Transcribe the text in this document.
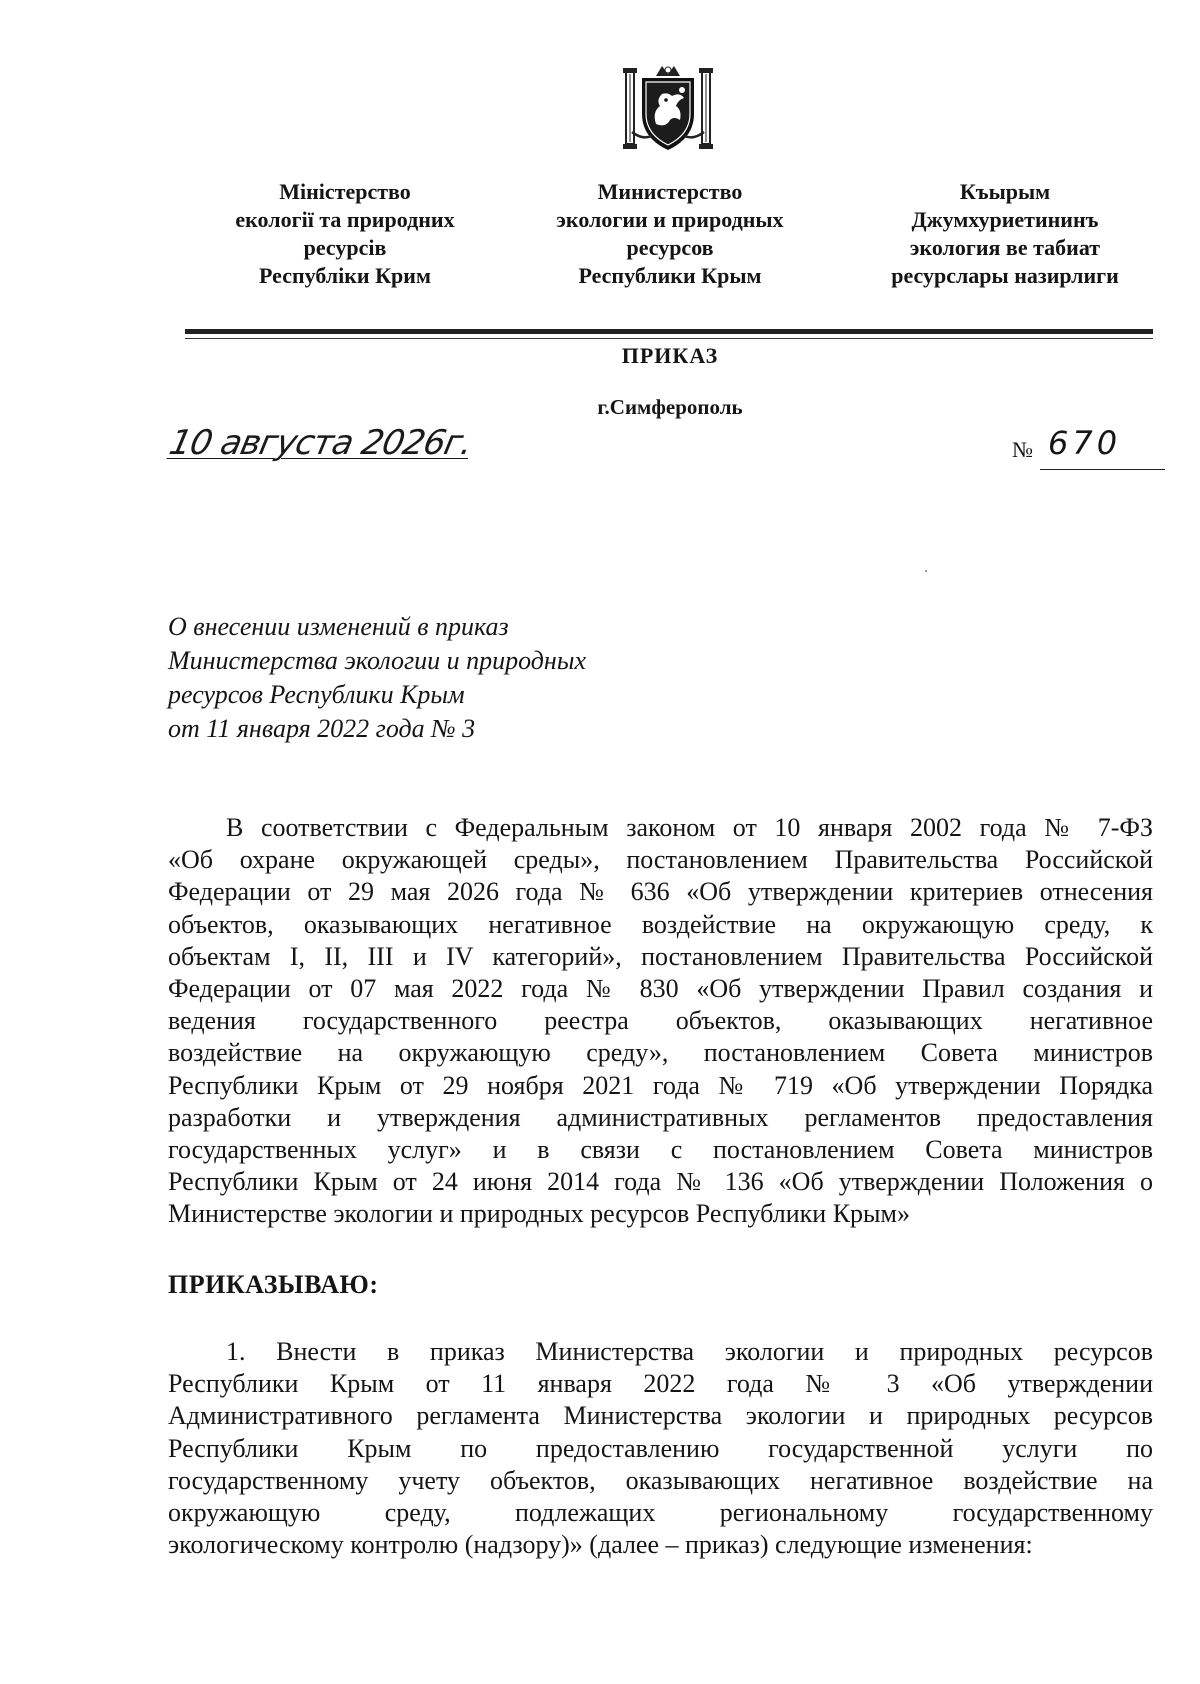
Міністерство
екології та природних
ресурсів
Республіки Крим
Министерство
экологии и природных
ресурсов
Республики Крым
Къырым
Джумхуриетининъ
экология ве табиат
ресурслары назирлиги
ПРИКАЗ
г.Симферополь
10 августа 2026г.	№ 670
О внесении изменений в приказ
Министерства экологии и природных
ресурсов Республики Крым
от 11 января 2022 года № 3
В соответствии с Федеральным законом от 10 января 2002 года № 7-ФЗ
«Об охране окружающей среды», постановлением Правительства Российской
Федерации от 29 мая 2026 года № 636 «Об утверждении критериев отнесения
объектов, оказывающих негативное воздействие на окружающую среду, к
объектам I, II, III и IV категорий», постановлением Правительства Российской
Федерации от 07 мая 2022 года № 830 «Об утверждении Правил создания и
ведения государственного реестра объектов, оказывающих негативное
воздействие на окружающую среду», постановлением Совета министров
Республики Крым от 29 ноября 2021 года № 719 «Об утверждении Порядка
разработки и утверждения административных регламентов предоставления
государственных услуг» и в связи с постановлением Совета министров
Республики Крым от 24 июня 2014 года № 136 «Об утверждении Положения о
Министерстве экологии и природных ресурсов Республики Крым»
ПРИКАЗЫВАЮ:
1. Внести в приказ Министерства экологии и природных ресурсов
Республики Крым от 11 января 2022 года № 3 «Об утверждении
Административного регламента Министерства экологии и природных ресурсов
Республики Крым по предоставлению государственной услуги по
государственному учету объектов, оказывающих негативное воздействие на
окружающую среду, подлежащих региональному государственному
экологическому контролю (надзору)» (далее – приказ) следующие изменения:
